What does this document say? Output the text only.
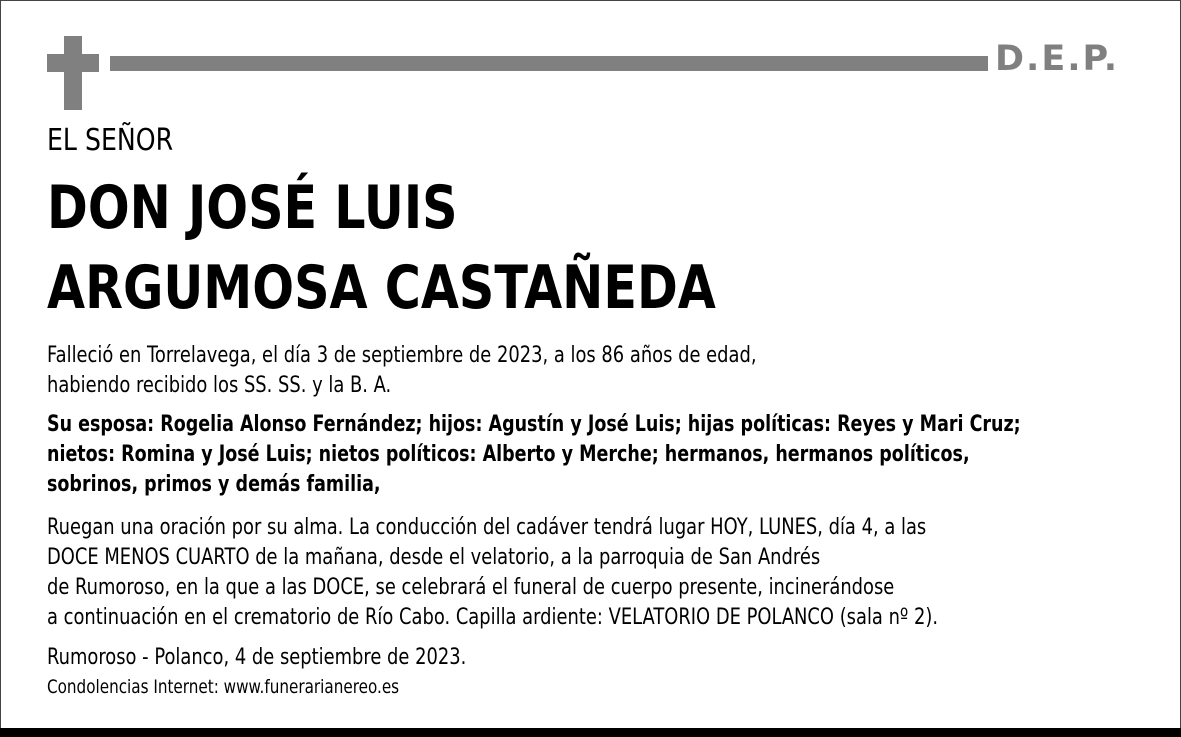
D.E.P.
EL SEÑOR
DON JOSÉ LUIS
ARGUMOSA CASTAÑEDA
Falleció en Torrelavega, el día 3 de septiembre de 2023, a los 86 años de edad,
habiendo recibido los SS. SS. y la B. A.
Su esposa: Rogelia Alonso Fernández; hijos: Agustín y José Luis; hijas políticas: Reyes y Mari Cruz;
nietos: Romina y José Luis; nietos políticos: Alberto y Merche; hermanos, hermanos políticos,
sobrinos, primos y demás familia,
Ruegan una oración por su alma. La conducción del cadáver tendrá lugar HOY, LUNES, día 4, a las
DOCE MENOS CUARTO de la mañana, desde el velatorio, a la parroquia de San Andrés
de Rumoroso, en la que a las DOCE, se celebrará el funeral de cuerpo presente, incinerándose
a continuación en el crematorio de Río Cabo. Capilla ardiente: VELATORIO DE POLANCO (sala nº 2).
Rumoroso - Polanco, 4 de septiembre de 2023.
Condolencias Internet: www.funerarianereo.es
